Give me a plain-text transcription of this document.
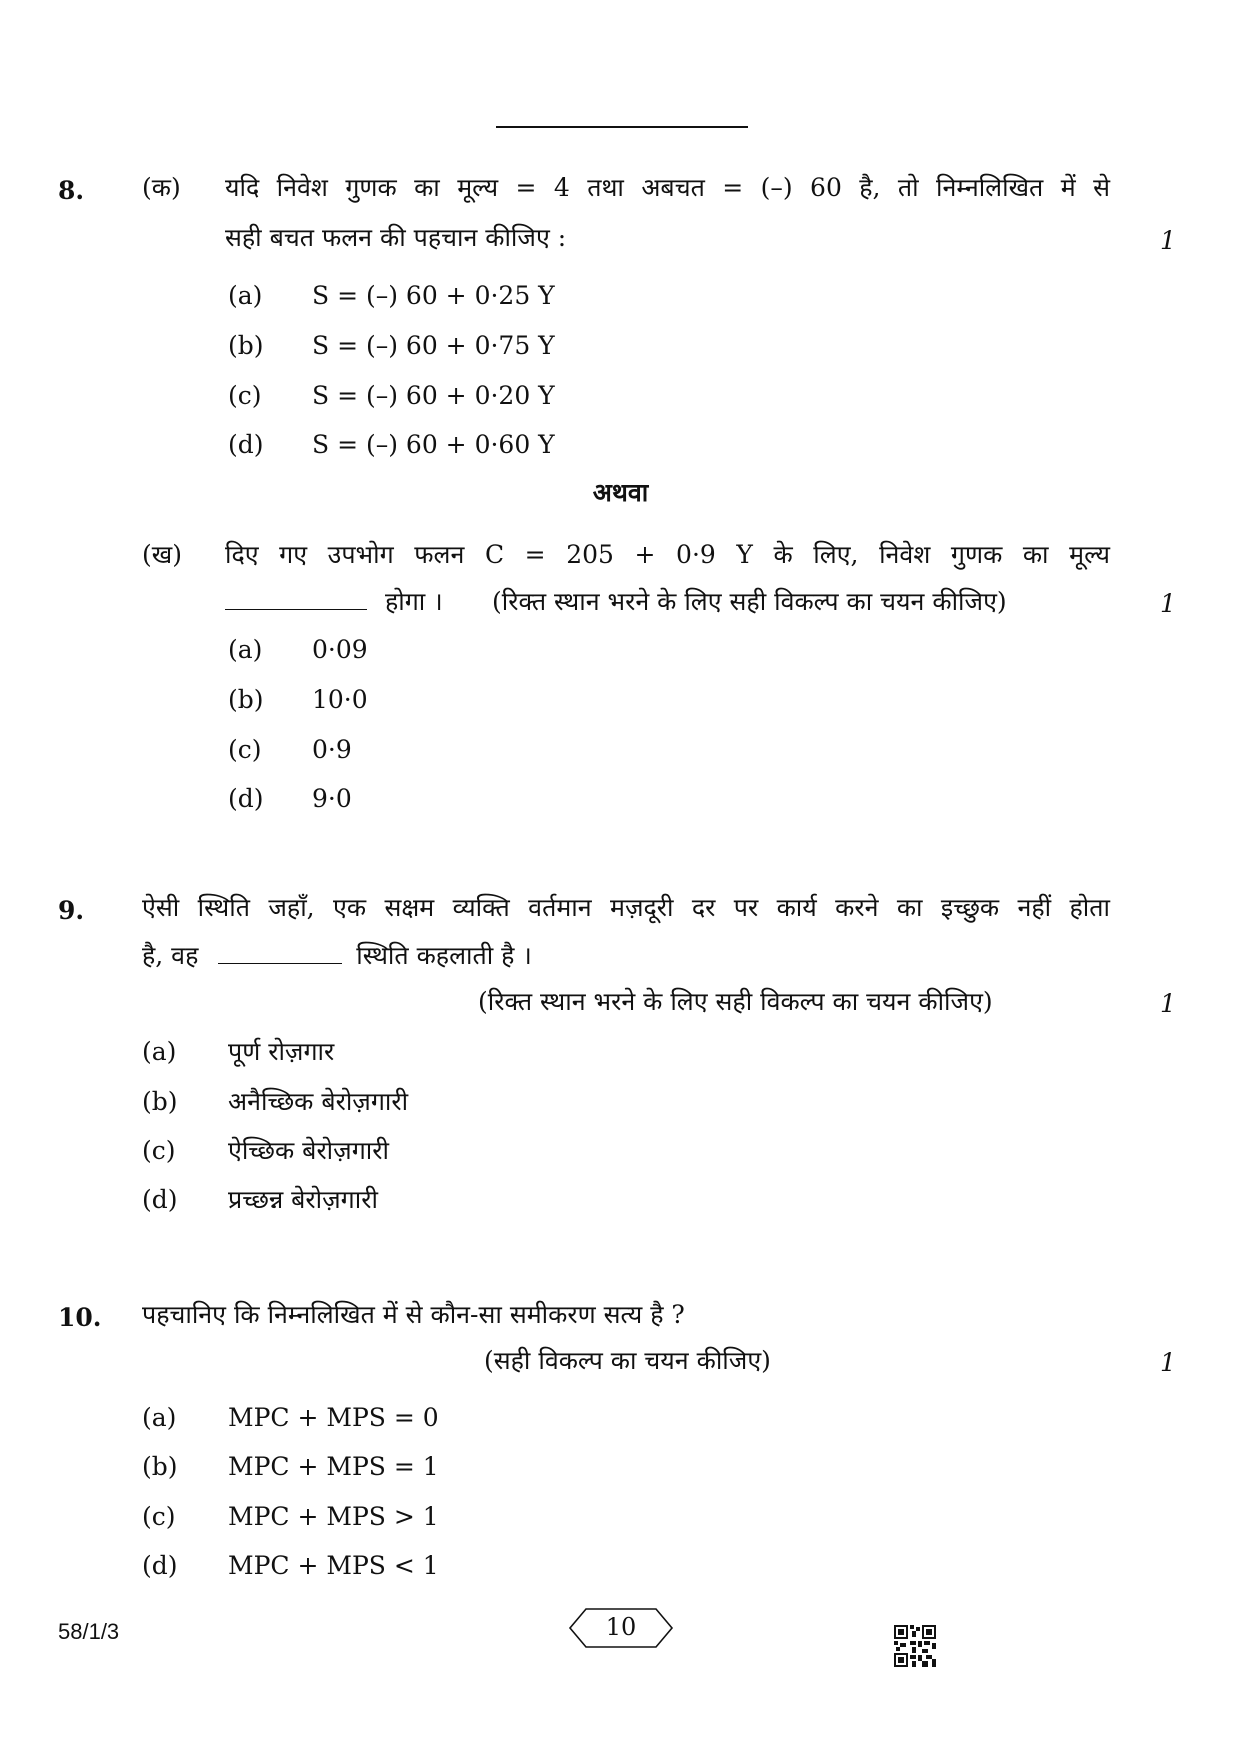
8. (क) यदि निवेश गुणक का मूल्य = 4 तथा अबचत = (–) 60 है, तो निम्नलिखित में से
सही बचत फलन की पहचान कीजिए :	1
(a) S = (–) 60 + 0·25 Y
(b) S = (–) 60 + 0·75 Y
(c) S = (–) 60 + 0·20 Y
(d) S = (–) 60 + 0·60 Y
अथवा
(ख) दिए गए उपभोग फलन C = 205 + 0·9 Y के लिए, निवेश गुणक का मूल्य
होगा । (रिक्त स्थान भरने के लिए सही विकल्प का चयन कीजिए)	1
(a) 0·09
(b) 10·0
(c) 0·9
(d) 9·0
9. ऐसी स्थिति जहाँ, एक सक्षम व्यक्ति वर्तमान मज़दूरी दर पर कार्य करने का इच्छुक नहीं होता
है, वह	स्थिति कहलाती है ।
(रिक्त स्थान भरने के लिए सही विकल्प का चयन कीजिए)	1
(a) पूर्ण रोज़गार
(b) अनैच्छिक बेरोज़गारी
(c) ऐच्छिक बेरोज़गारी
(d) प्रच्छन्न बेरोज़गारी
10. पहचानिए कि निम्नलिखित में से कौन-सा समीकरण सत्य है ?
(सही विकल्प का चयन कीजिए)	1
(a) MPC + MPS = 0
(b) MPC + MPS = 1
(c) MPC + MPS > 1
(d) MPC + MPS < 1
58/1/3	10
